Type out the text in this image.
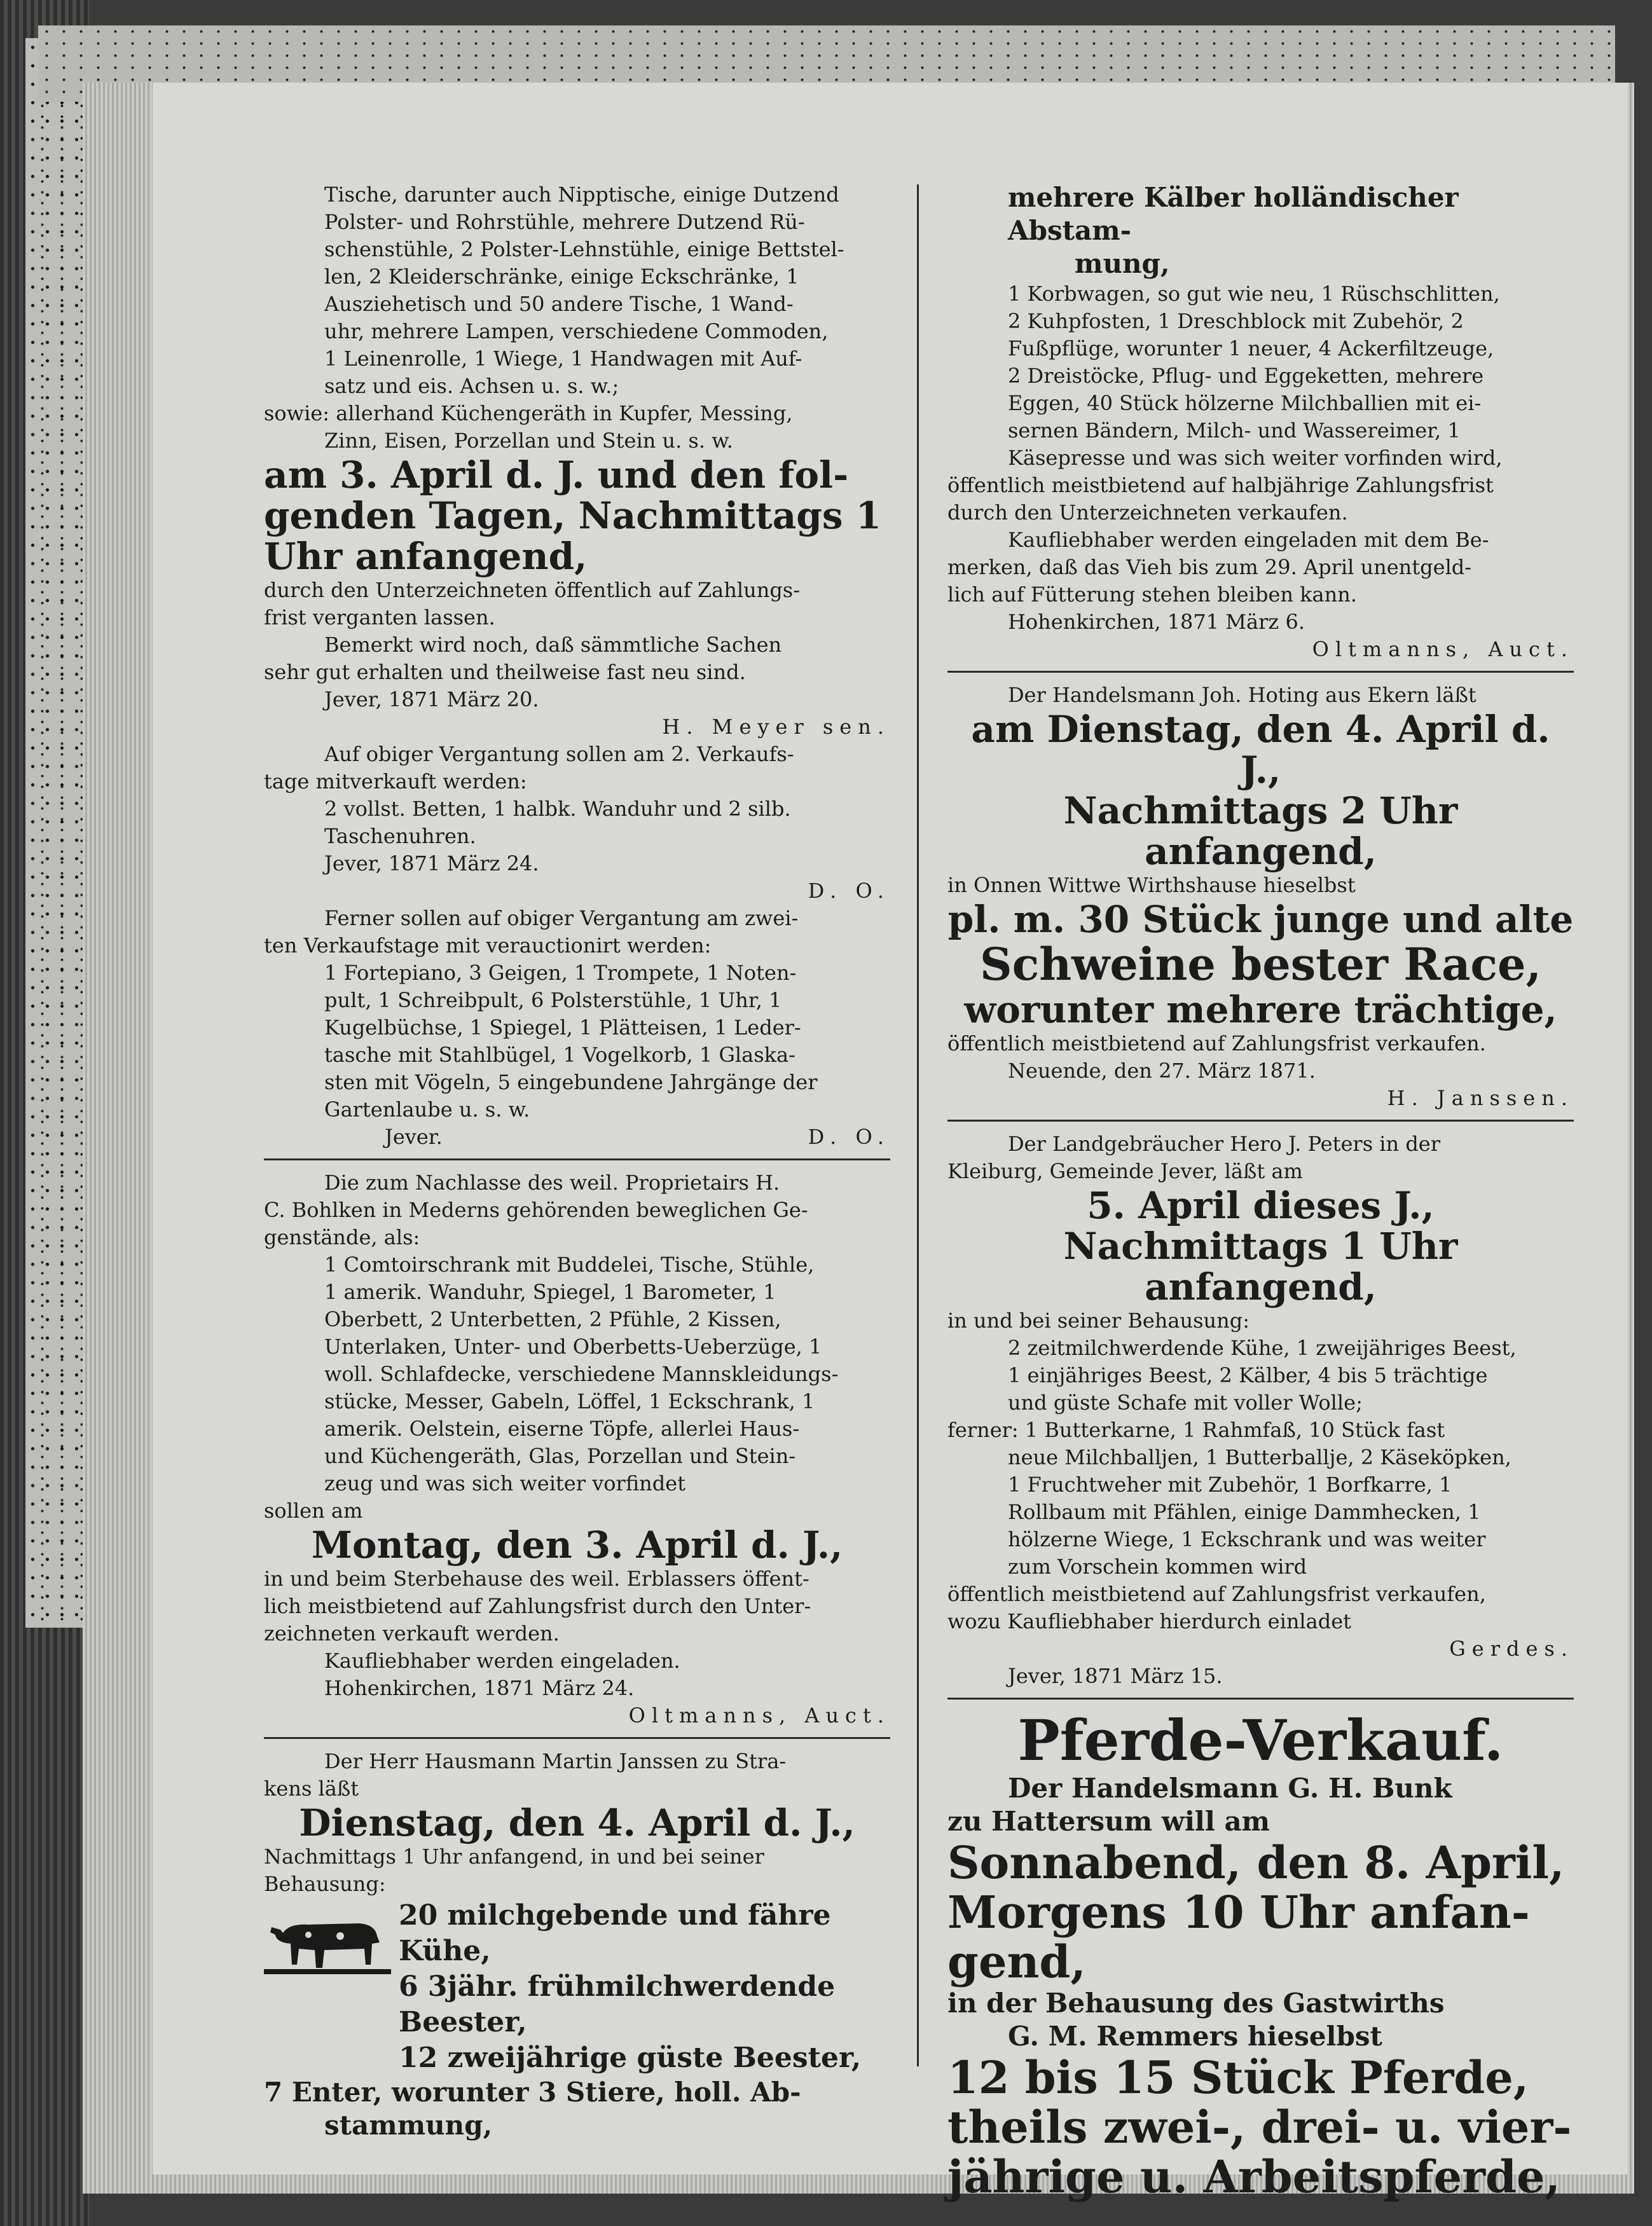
Tische, darunter auch Nipptische, einige Dutzend

Polster- und Rohrstühle, mehrere Dutzend Rü-

schenstühle, 2 Polster-Lehnstühle, einige Bettstel-

len, 2 Kleiderschränke, einige Eckschränke, 1

Ausziehetisch und 50 andere Tische, 1 Wand-

uhr, mehrere Lampen, verschiedene Commoden,

1 Leinenrolle, 1 Wiege, 1 Handwagen mit Auf-

satz und eis. Achsen u. s. w.;

sowie: allerhand Küchengeräth in Kupfer, Messing,

Zinn, Eisen, Porzellan und Stein u. s. w.

am 3. April d. J. und den fol-

genden Tagen, Nachmittags 1

Uhr anfangend,

durch den Unterzeichneten öffentlich auf Zahlungs-

frist verganten lassen.

Bemerkt wird noch, daß sämmtliche Sachen

sehr gut erhalten und theilweise fast neu sind.

Jever, 1871 März 20.

H. Meyer sen.

Auf obiger Vergantung sollen am 2. Verkaufs-

tage mitverkauft werden:

2 vollst. Betten, 1 halbk. Wanduhr und 2 silb.

Taschenuhren.

Jever, 1871 März 24.

D. O.

Ferner sollen auf obiger Vergantung am zwei-

ten Verkaufstage mit verauctionirt werden:

1 Fortepiano, 3 Geigen, 1 Trompete, 1 Noten-

pult, 1 Schreibpult, 6 Polsterstühle, 1 Uhr, 1

Kugelbüchse, 1 Spiegel, 1 Plätteisen, 1 Leder-

tasche mit Stahlbügel, 1 Vogelkorb, 1 Glaska-

sten mit Vögeln, 5 eingebundene Jahrgänge der

Gartenlaube u. s. w.

Jever.	D. O.

Die zum Nachlasse des weil. Proprietairs H.

C. Bohlken in Mederns gehörenden beweglichen Ge-

genstände, als:

1 Comtoirschrank mit Buddelei, Tische, Stühle,

1 amerik. Wanduhr, Spiegel, 1 Barometer, 1

Oberbett, 2 Unterbetten, 2 Pfühle, 2 Kissen,

Unterlaken, Unter- und Oberbetts-Ueberzüge, 1

woll. Schlafdecke, verschiedene Mannskleidungs-

stücke, Messer, Gabeln, Löffel, 1 Eckschrank, 1

amerik. Oelstein, eiserne Töpfe, allerlei Haus-

und Küchengeräth, Glas, Porzellan und Stein-

zeug und was sich weiter vorfindet

sollen am

Montag, den 3. April d. J.,

in und beim Sterbehause des weil. Erblassers öffent-

lich meistbietend auf Zahlungsfrist durch den Unter-

zeichneten verkauft werden.

Kaufliebhaber werden eingeladen.

Hohenkirchen, 1871 März 24.

Oltmanns, Auct.

Der Herr Hausmann Martin Janssen zu Stra-

kens läßt

Dienstag, den 4. April d. J.,

Nachmittags 1 Uhr anfangend, in und bei seiner

Behausung:

20 milchgebende und fähre Kühe,

6 3jähr. frühmilchwerdende Beester,

12 zweijährige güste Beester,

7 Enter, worunter 3 Stiere, holl. Ab-

stammung,

mehrere Kälber holländischer Abstam-

mung,

1 Korbwagen, so gut wie neu, 1 Rüschschlitten,

2 Kuhpfosten, 1 Dreschblock mit Zubehör, 2

Fußpflüge, worunter 1 neuer, 4 Ackerfiltzeuge,

2 Dreistöcke, Pflug- und Eggeketten, mehrere

Eggen, 40 Stück hölzerne Milchballien mit ei-

sernen Bändern, Milch- und Wassereimer, 1

Käsepresse und was sich weiter vorfinden wird,

öffentlich meistbietend auf halbjährige Zahlungsfrist

durch den Unterzeichneten verkaufen.

Kaufliebhaber werden eingeladen mit dem Be-

merken, daß das Vieh bis zum 29. April unentgeld-

lich auf Fütterung stehen bleiben kann.

Hohenkirchen, 1871 März 6.

Oltmanns, Auct.

Der Handelsmann Joh. Hoting aus Ekern läßt

am Dienstag, den 4. April d. J.,

Nachmittags 2 Uhr anfangend,

in Onnen Wittwe Wirthshause hieselbst

pl. m. 30 Stück junge und alte

Schweine bester Race,

worunter mehrere trächtige,

öffentlich meistbietend auf Zahlungsfrist verkaufen.

Neuende, den 27. März 1871.

H. Janssen.

Der Landgebräucher Hero J. Peters in der

Kleiburg, Gemeinde Jever, läßt am

5. April dieses J.,

Nachmittags 1 Uhr anfangend,

in und bei seiner Behausung:

2 zeitmilchwerdende Kühe, 1 zweijähriges Beest,

1 einjähriges Beest, 2 Kälber, 4 bis 5 trächtige

und güste Schafe mit voller Wolle;

ferner: 1 Butterkarne, 1 Rahmfaß, 10 Stück fast

neue Milchballjen, 1 Butterballje, 2 Käseköpken,

1 Fruchtweher mit Zubehör, 1 Borfkarre, 1

Rollbaum mit Pfählen, einige Dammhecken, 1

hölzerne Wiege, 1 Eckschrank und was weiter

zum Vorschein kommen wird

öffentlich meistbietend auf Zahlungsfrist verkaufen,

wozu Kaufliebhaber hierdurch einladet

Gerdes.

Jever, 1871 März 15.

Pferde-Verkauf.

Der Handelsmann G. H. Bunk

zu Hattersum will am

Sonnabend, den 8. April,

Morgens 10 Uhr anfan-

gend,

in der Behausung des Gastwirths

G. M. Remmers hieselbst

12 bis 15 Stück Pferde,

theils zwei-, drei- u. vier-

jährige u. Arbeitspferde,
